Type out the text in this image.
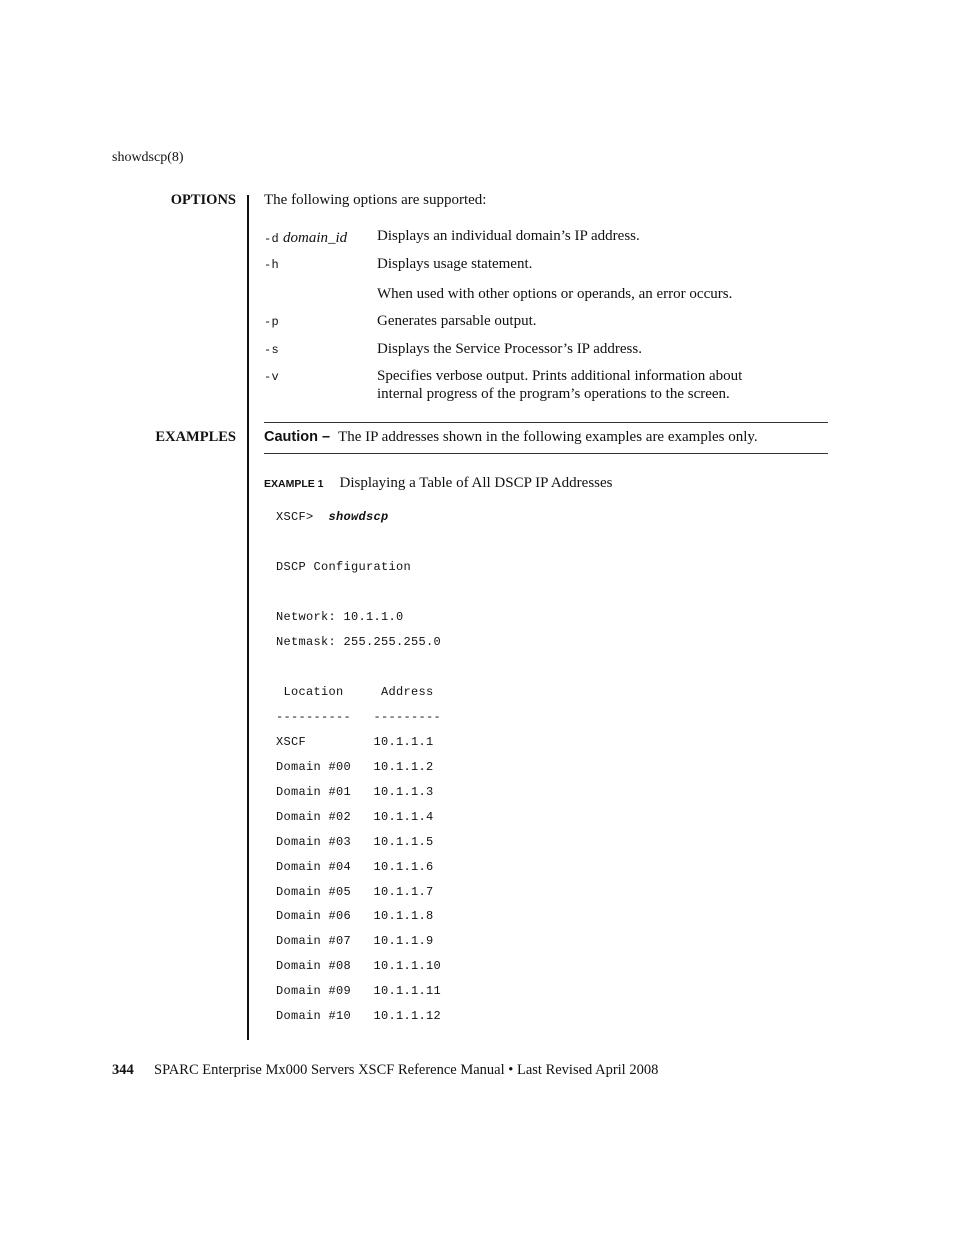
showdscp(8)
OPTIONS The following options are supported:
-d domain_id Displays an individual domain’s IP address.
-h	Displays usage statement.
When used with other options or operands, an error occurs.
-p	Generates parsable output.
-s	Displays the Service Processor’s IP address.
-v	Specifies verbose output. Prints additional information about
internal progress of the program’s operations to the screen.
EXAMPLES Caution – The IP addresses shown in the following examples are examples only.
EXAMPLE 1 Displaying a Table of All DSCP IP Addresses
XSCF> showdscp
DSCP Configuration
Network: 10.1.1.0
Netmask: 255.255.255.0
Location     Address
----------   ---------
XSCF         10.1.1.1
Domain #00   10.1.1.2
Domain #01   10.1.1.3
Domain #02   10.1.1.4
Domain #03   10.1.1.5
Domain #04   10.1.1.6
Domain #05   10.1.1.7
Domain #06   10.1.1.8
Domain #07   10.1.1.9
Domain #08   10.1.1.10
Domain #09   10.1.1.11
Domain #10   10.1.1.12
344 SPARC Enterprise Mx000 Servers XSCF Reference Manual • Last Revised April 2008
